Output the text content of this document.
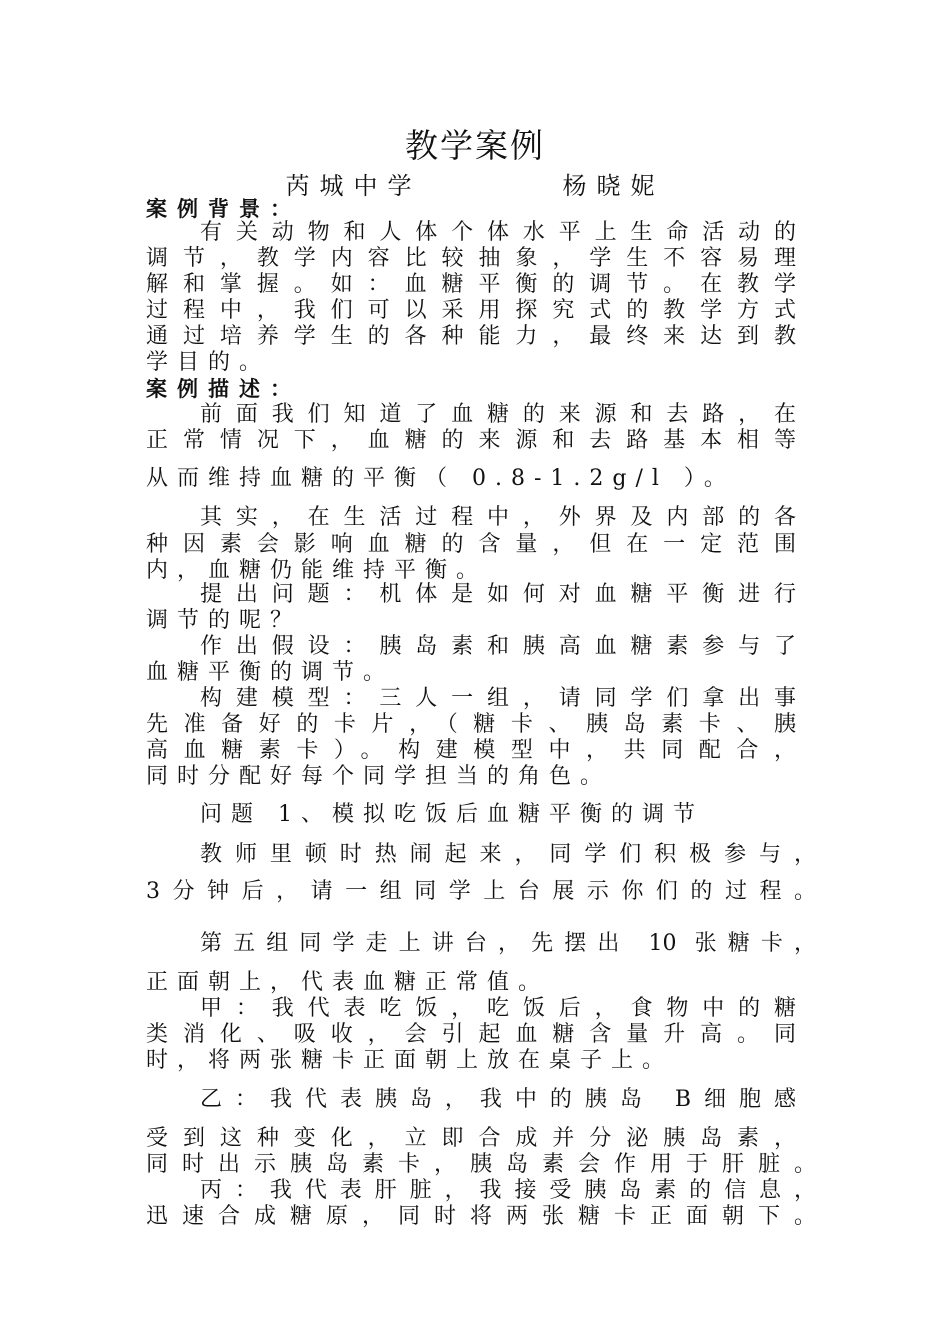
教学案例
芮城中学        杨晓妮
案例背景：
有关动物和人体个体水平上生命活动的
调节，教学内容比较抽象，学生不容易理
解和掌握。如：血糖平衡的调节。在教学
过程中，我们可以采用探究式的教学方式
通过培养学生的各种能力，最终来达到教
学目的。
案例描述：
前面我们知道了血糖的来源和去路，在
正常情况下，血糖的来源和去路基本相等
从而维持血糖的平衡（ 0.8-1.2g/l ）。
其实，在生活过程中，外界及内部的各
种因素会影响血糖的含量，但在一定范围
内，血糖仍能维持平衡。
提出问题：机体是如何对血糖平衡进行
调节的呢？
作出假设：胰岛素和胰高血糖素参与了
血糖平衡的调节。
构建模型：三人一组，请同学们拿出事
先准备好的卡片，（糖卡、胰岛素卡、胰
高血糖素卡）。构建模型中，共同配合，
同时分配好每个同学担当的角色。
问题 1、模拟吃饭后血糖平衡的调节
教师里顿时热闹起来，同学们积极参与，
3分钟后，请一组同学上台展示你们的过程。
第五组同学走上讲台，先摆出 10 张糖卡，
正面朝上，代表血糖正常值。
甲：我代表吃饭，吃饭后，食物中的糖
类消化、吸收，会引起血糖含量升高。同
时，将两张糖卡正面朝上放在桌子上。
乙：我代表胰岛，我中的胰岛 B细胞感
受到这种变化，立即合成并分泌胰岛素，
同时出示胰岛素卡，胰岛素会作用于肝脏。
丙：我代表肝脏，我接受胰岛素的信息，
迅速合成糖原，同时将两张糖卡正面朝下。
